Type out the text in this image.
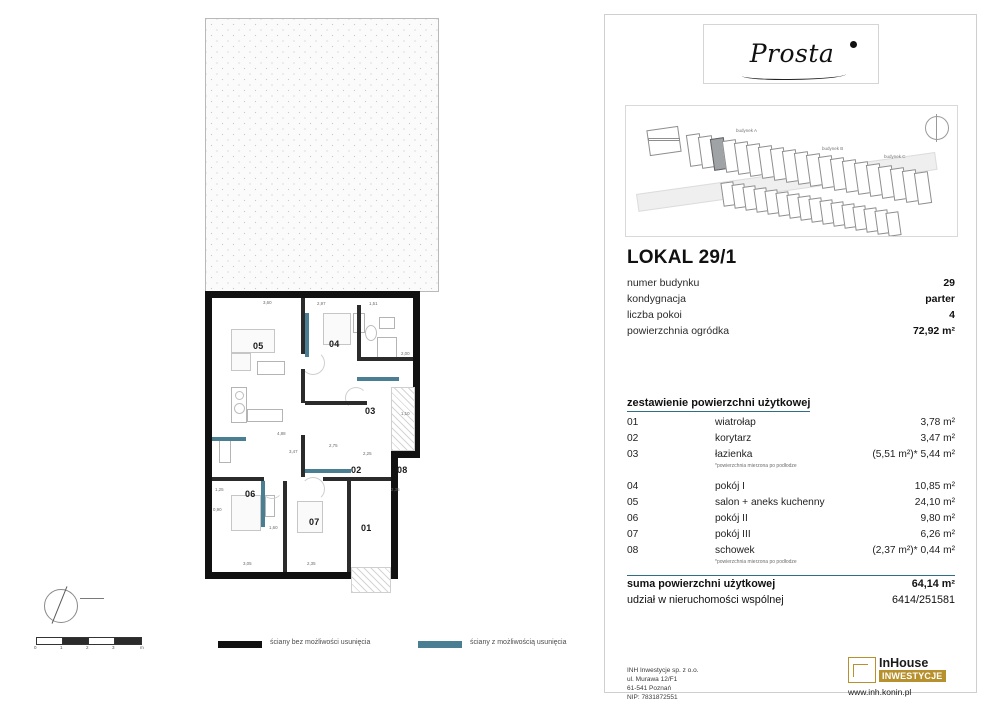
05	04
03
02	08
06
07
01
3,60	2,97	1,51
2,00
1,10
2,75
2,25
2,35
4,88
3,47
1,25
0,90
1,60
3,05	2,35
0	1	2	3	m
ściany bez możliwości usunięcia	ściany z możliwością usunięcia
Prosta
budynek A
budynek B
budynek C
LOKAL 29/1
numer budynku	29
kondygnacja	parter
liczba pokoi	4
powierzchnia ogródka	72,92 m²
zestawienie powierzchni użytkowej
01	wiatrołap	3,78 m²
02	korytarz	3,47 m²
03	łazienka	(5,51 m²)* 5,44 m²
*powierzchnia mierzona po podłodze
04	pokój I	10,85 m²
05	salon + aneks kuchenny	24,10 m²
06	pokój II	9,80 m²
07	pokój III	6,26 m²
08	schowek	(2,37 m²)* 0,44 m²
*powierzchnia mierzona po podłodze
suma powierzchni użytkowej	64,14 m²
udział w nieruchomości wspólnej	6414/251581
INH Inwestycje sp. z o.o.
ul. Murawa 12/F1
61-541 Poznań
NIP: 7831872551
InHouse
INWESTYCJE
www.inh.konin.pl
